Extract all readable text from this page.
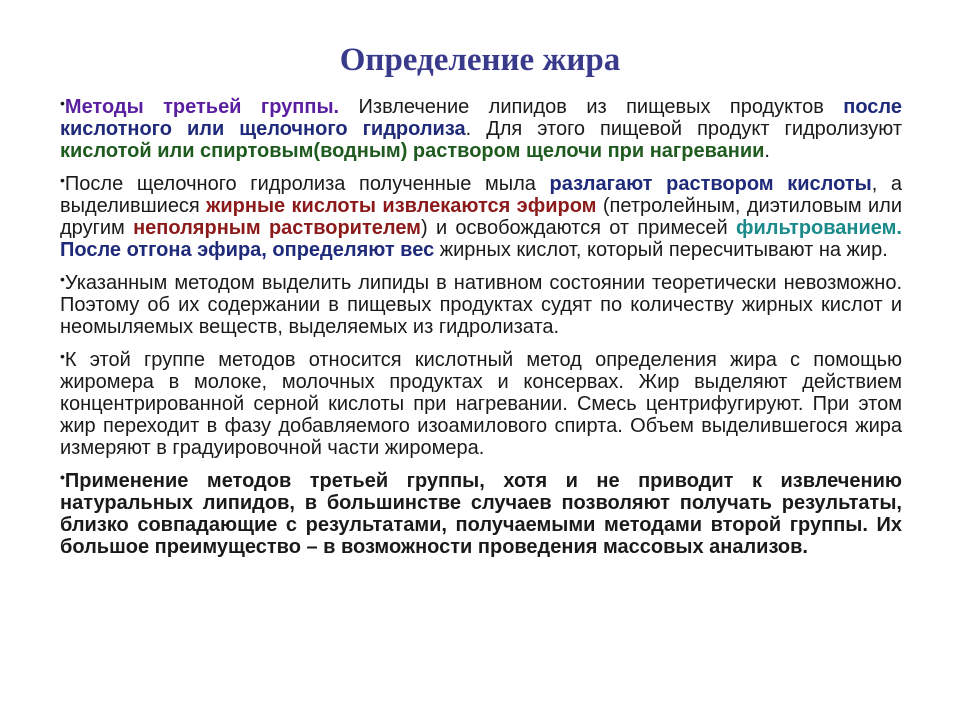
Определение жира

•Методы третьей группы. Извлечение липидов из пищевых продуктов после кислотного или щелочного гидролиза. Для этого пищевой продукт гидролизуют кислотой или спиртовым(водным) раствором щелочи при нагревании.

•После щелочного гидролиза полученные мыла разлагают раствором кислоты, а выделившиеся жирные кислоты извлекаются эфиром (петролейным, диэтиловым или другим неполярным растворителем) и освобождаются от примесей фильтрованием. После отгона эфира, определяют вес жирных кислот, который пересчитывают на жир.

•Указанным методом выделить липиды в нативном состоянии теоретически невозможно. Поэтому об их содержании в пищевых продуктах судят по количеству жирных кислот и неомыляемых веществ, выделяемых из гидролизата.

•К этой группе методов относится кислотный метод определения жира с помощью жиромера в молоке, молочных продуктах и консервах. Жир выделяют действием концентрированной серной кислоты при нагревании. Смесь центрифугируют. При этом жир переходит в фазу добавляемого изоамилового спирта. Объем выделившегося жира измеряют в градуировочной части жиромера.

•Применение методов третьей группы, хотя и не приводит к извлечению натуральных липидов, в большинстве случаев позволяют получать результаты, близко совпадающие с результатами, получаемыми методами второй группы. Их большое преимущество – в возможности проведения массовых анализов.
